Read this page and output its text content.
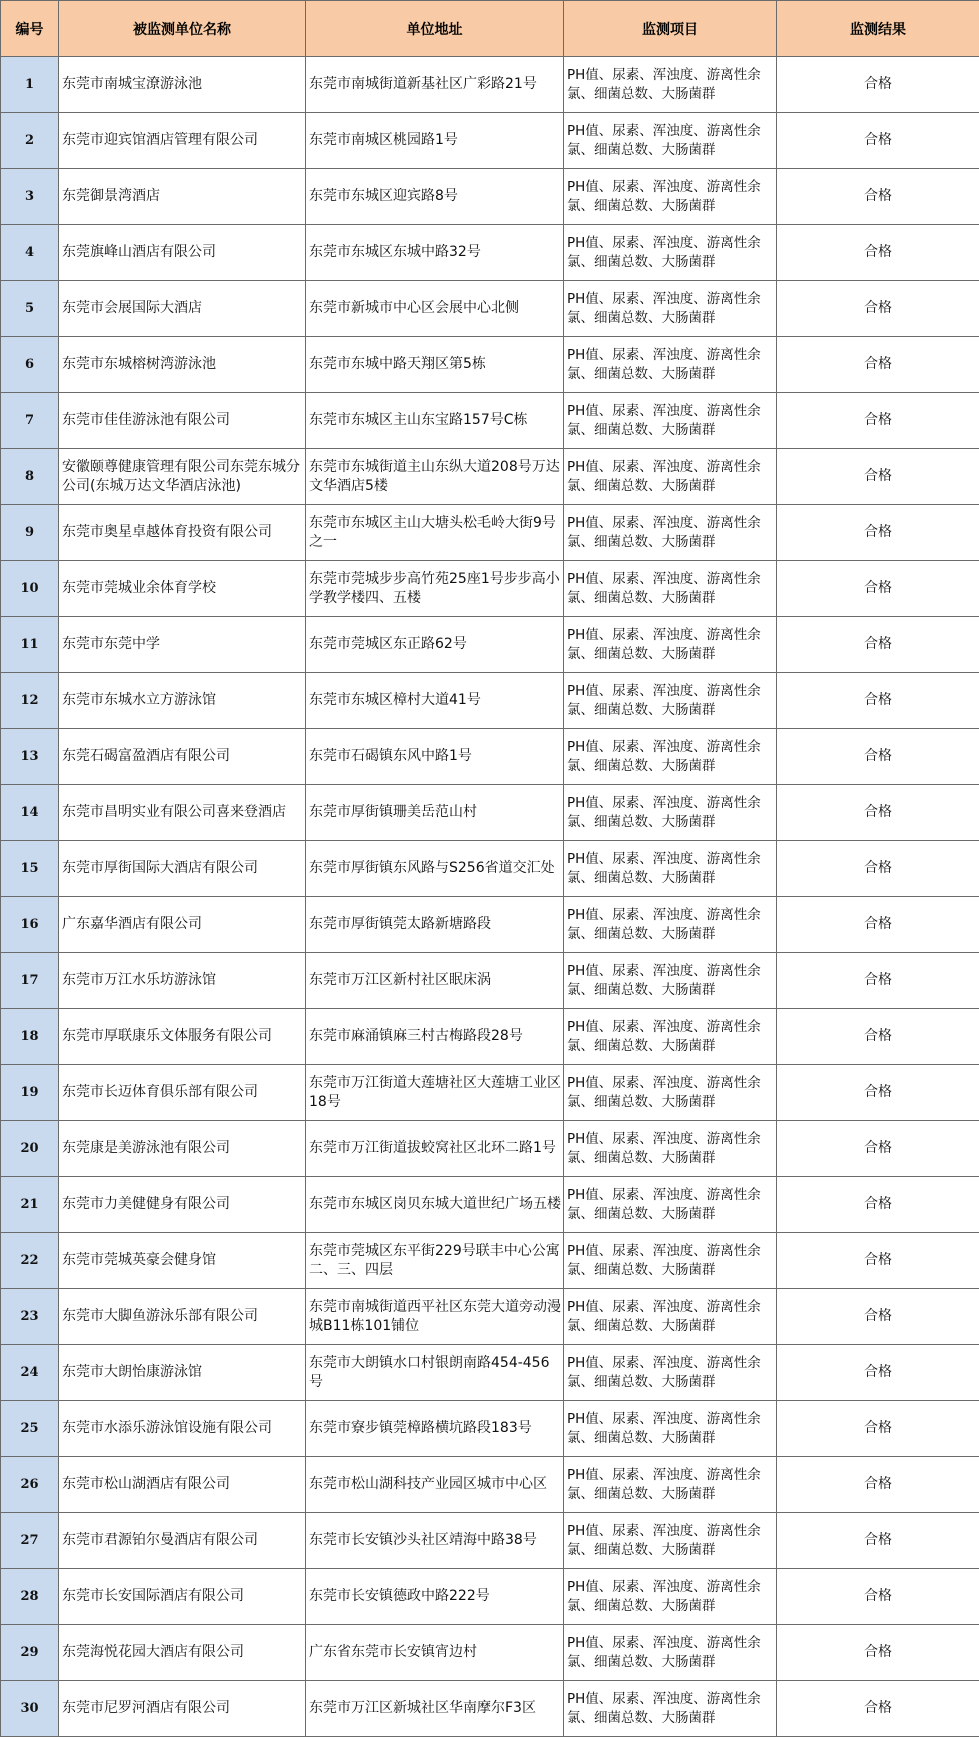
编号	被监测单位名称	单位地址	监测项目	监测结果
1	东莞市南城宝潦游泳池	东莞市南城街道新基社区广彩路21号	PH值、尿素、浑浊度、游离性余氯、细菌总数、大肠菌群	合格
2	东莞市迎宾馆酒店管理有限公司	东莞市南城区桃园路1号	PH值、尿素、浑浊度、游离性余氯、细菌总数、大肠菌群	合格
3	东莞御景湾酒店	东莞市东城区迎宾路8号	PH值、尿素、浑浊度、游离性余氯、细菌总数、大肠菌群	合格
4	东莞旗峰山酒店有限公司	东莞市东城区东城中路32号	PH值、尿素、浑浊度、游离性余氯、细菌总数、大肠菌群	合格
5	东莞市会展国际大酒店	东莞市新城市中心区会展中心北侧	PH值、尿素、浑浊度、游离性余氯、细菌总数、大肠菌群	合格
6	东莞市东城榕树湾游泳池	东莞市东城中路天翔区第5栋	PH值、尿素、浑浊度、游离性余氯、细菌总数、大肠菌群	合格
7	东莞市佳佳游泳池有限公司	东莞市东城区主山东宝路157号C栋	PH值、尿素、浑浊度、游离性余氯、细菌总数、大肠菌群	合格
8	安徽颐尊健康管理有限公司东莞东城分公司(东城万达文华酒店泳池)	东莞市东城街道主山东纵大道208号万达文华酒店5楼	PH值、尿素、浑浊度、游离性余氯、细菌总数、大肠菌群	合格
9	东莞市奥星卓越体育投资有限公司	东莞市东城区主山大塘头松毛岭大街9号之一	PH值、尿素、浑浊度、游离性余氯、细菌总数、大肠菌群	合格
10	东莞市莞城业余体育学校	东莞市莞城步步高竹苑25座1号步步高小学教学楼四、五楼	PH值、尿素、浑浊度、游离性余氯、细菌总数、大肠菌群	合格
11	东莞市东莞中学	东莞市莞城区东正路62号	PH值、尿素、浑浊度、游离性余氯、细菌总数、大肠菌群	合格
12	东莞市东城水立方游泳馆	东莞市东城区樟村大道41号	PH值、尿素、浑浊度、游离性余氯、细菌总数、大肠菌群	合格
13	东莞石碣富盈酒店有限公司	东莞市石碣镇东风中路1号	PH值、尿素、浑浊度、游离性余氯、细菌总数、大肠菌群	合格
14	东莞市昌明实业有限公司喜来登酒店	东莞市厚街镇珊美岳范山村	PH值、尿素、浑浊度、游离性余氯、细菌总数、大肠菌群	合格
15	东莞市厚街国际大酒店有限公司	东莞市厚街镇东风路与S256省道交汇处	PH值、尿素、浑浊度、游离性余氯、细菌总数、大肠菌群	合格
16	广东嘉华酒店有限公司	东莞市厚街镇莞太路新塘路段	PH值、尿素、浑浊度、游离性余氯、细菌总数、大肠菌群	合格
17	东莞市万江水乐坊游泳馆	东莞市万江区新村社区眠床涡	PH值、尿素、浑浊度、游离性余氯、细菌总数、大肠菌群	合格
18	东莞市厚联康乐文体服务有限公司	东莞市麻涌镇麻三村古梅路段28号	PH值、尿素、浑浊度、游离性余氯、细菌总数、大肠菌群	合格
19	东莞市长迈体育俱乐部有限公司	东莞市万江街道大莲塘社区大莲塘工业区18号	PH值、尿素、浑浊度、游离性余氯、细菌总数、大肠菌群	合格
20	东莞康是美游泳池有限公司	东莞市万江街道拔蛟窝社区北环二路1号	PH值、尿素、浑浊度、游离性余氯、细菌总数、大肠菌群	合格
21	东莞市力美健健身有限公司	东莞市东城区岗贝东城大道世纪广场五楼	PH值、尿素、浑浊度、游离性余氯、细菌总数、大肠菌群	合格
22	东莞市莞城英豪会健身馆	东莞市莞城区东平街229号联丰中心公寓二、三、四层	PH值、尿素、浑浊度、游离性余氯、细菌总数、大肠菌群	合格
23	东莞市大脚鱼游泳乐部有限公司	东莞市南城街道西平社区东莞大道旁动漫城B11栋101铺位	PH值、尿素、浑浊度、游离性余氯、细菌总数、大肠菌群	合格
24	东莞市大朗怡康游泳馆	东莞市大朗镇水口村银朗南路454-456号	PH值、尿素、浑浊度、游离性余氯、细菌总数、大肠菌群	合格
25	东莞市水添乐游泳馆设施有限公司	东莞市寮步镇莞樟路横坑路段183号	PH值、尿素、浑浊度、游离性余氯、细菌总数、大肠菌群	合格
26	东莞市松山湖酒店有限公司	东莞市松山湖科技产业园区城市中心区	PH值、尿素、浑浊度、游离性余氯、细菌总数、大肠菌群	合格
27	东莞市君源铂尔曼酒店有限公司	东莞市长安镇沙头社区靖海中路38号	PH值、尿素、浑浊度、游离性余氯、细菌总数、大肠菌群	合格
28	东莞市长安国际酒店有限公司	东莞市长安镇德政中路222号	PH值、尿素、浑浊度、游离性余氯、细菌总数、大肠菌群	合格
29	东莞海悦花园大酒店有限公司	广东省东莞市长安镇宵边村	PH值、尿素、浑浊度、游离性余氯、细菌总数、大肠菌群	合格
30	东莞市尼罗河酒店有限公司	东莞市万江区新城社区华南摩尔F3区	PH值、尿素、浑浊度、游离性余氯、细菌总数、大肠菌群	合格
